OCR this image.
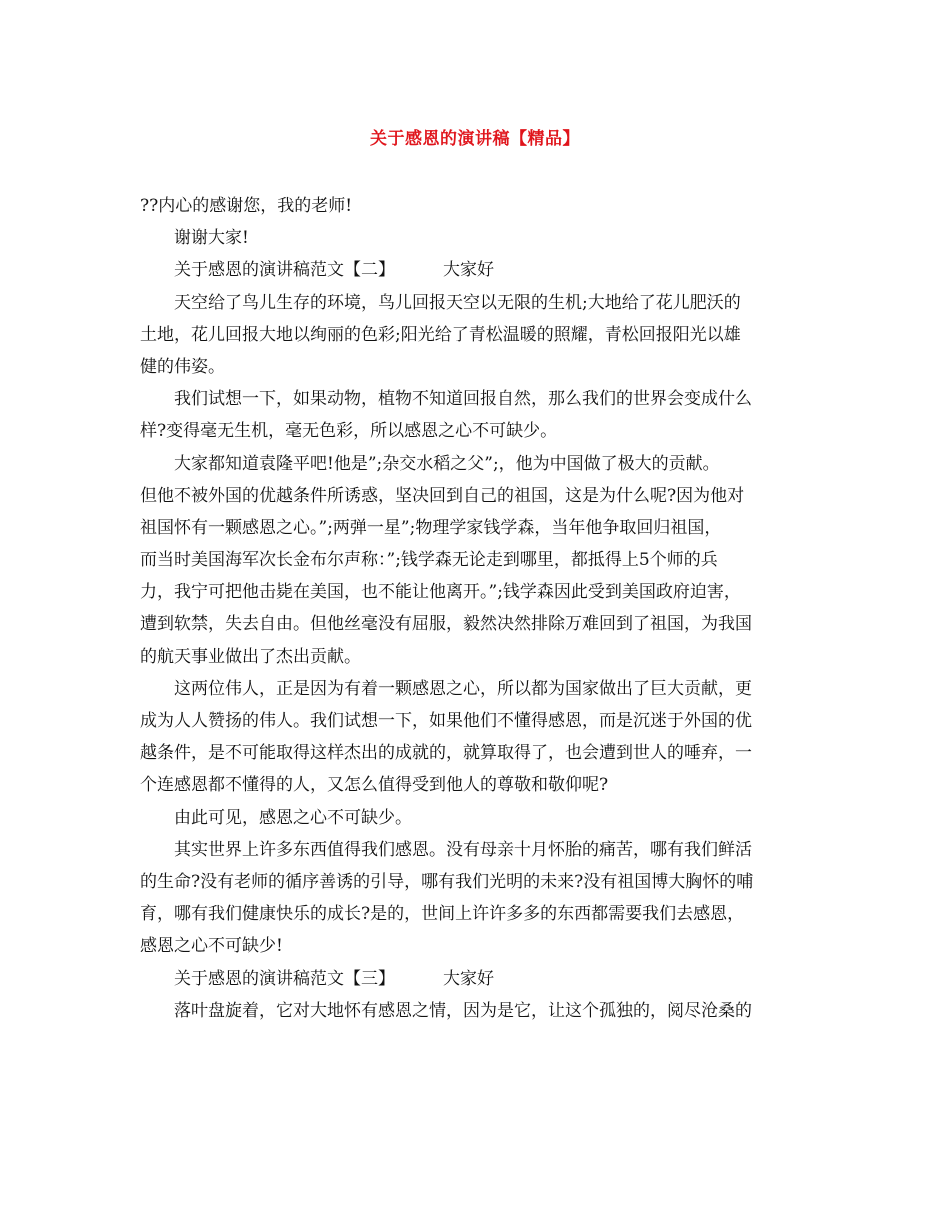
关于感恩的演讲稿【精品】
??内心的感谢您，我的老师!
谢谢大家!
关于感恩的演讲稿范文【二】	大家好
天空给了鸟儿生存的环境，鸟儿回报天空以无限的生机;大地给了花儿肥沃的
土地，花儿回报大地以绚丽的色彩;阳光给了青松温暖的照耀，青松回报阳光以雄
健的伟姿。
我们试想一下，如果动物，植物不知道回报自然，那么我们的世界会变成什么
样?变得毫无生机，毫无色彩，所以感恩之心不可缺少。
大家都知道袁隆平吧!他是”;杂交水稻之父”;，他为中国做了极大的贡献。
但他不被外国的优越条件所诱惑，坚决回到自己的祖国，这是为什么呢?因为他对
祖国怀有一颗感恩之心。”;两弹一星”;物理学家钱学森，当年他争取回归祖国，
而当时美国海军次长金布尔声称：”;钱学森无论走到哪里，都抵得上5个师的兵
力，我宁可把他击毙在美国，也不能让他离开。”;钱学森因此受到美国政府迫害，
遭到软禁，失去自由。但他丝毫没有屈服，毅然决然排除万难回到了祖国，为我国
的航天事业做出了杰出贡献。
这两位伟人，正是因为有着一颗感恩之心，所以都为国家做出了巨大贡献，更
成为人人赞扬的伟人。我们试想一下，如果他们不懂得感恩，而是沉迷于外国的优
越条件，是不可能取得这样杰出的成就的，就算取得了，也会遭到世人的唾弃，一
个连感恩都不懂得的人，又怎么值得受到他人的尊敬和敬仰呢?
由此可见，感恩之心不可缺少。
其实世界上许多东西值得我们感恩。没有母亲十月怀胎的痛苦，哪有我们鲜活
的生命?没有老师的循序善诱的引导，哪有我们光明的未来?没有祖国博大胸怀的哺
育，哪有我们健康快乐的成长?是的，世间上许许多多的东西都需要我们去感恩，
感恩之心不可缺少!
关于感恩的演讲稿范文【三】	大家好
落叶盘旋着，它对大地怀有感恩之情，因为是它，让这个孤独的，阅尽沧桑的
